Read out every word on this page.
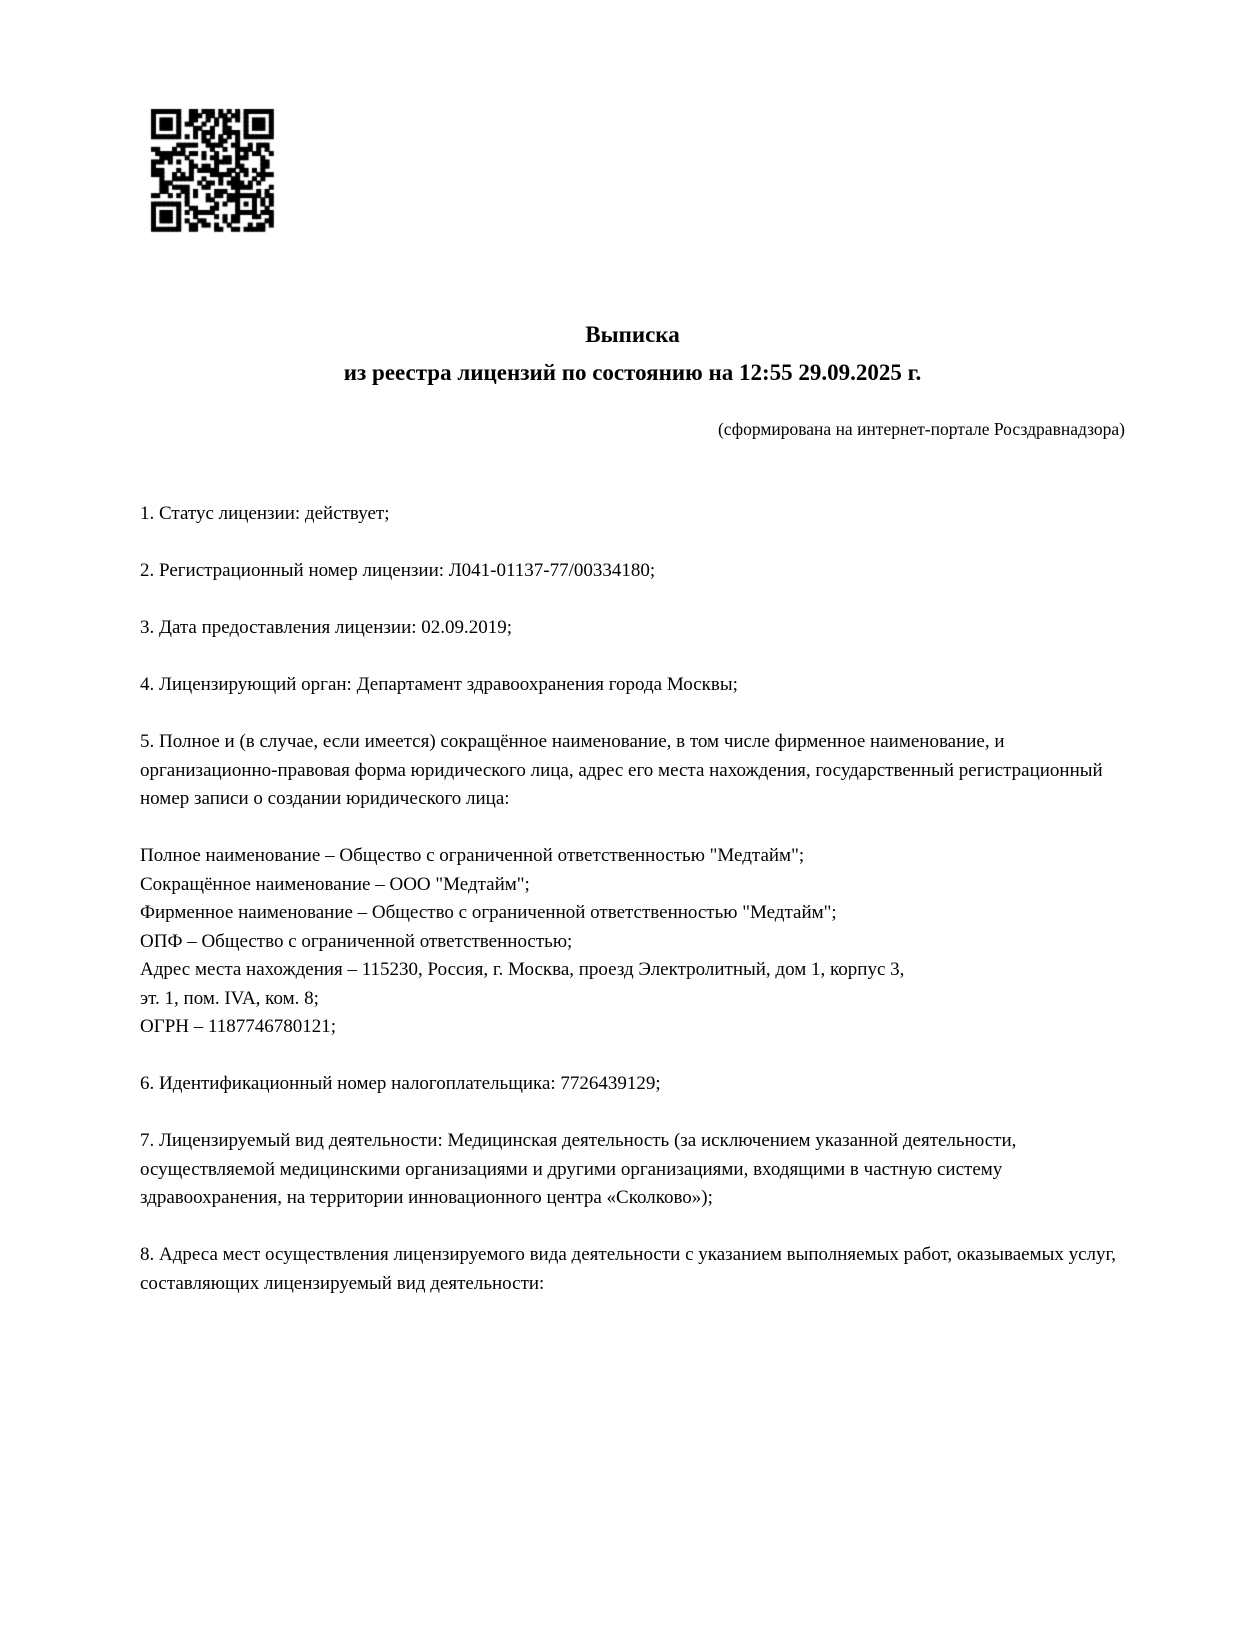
Выписка
из реестра лицензий по состоянию на 12:55 29.09.2025 г.
(сформирована на интернет-портале Росздравнадзора)

1. Статус лицензии: действует;

2. Регистрационный номер лицензии: Л041-01137-77/00334180;

3. Дата предоставления лицензии: 02.09.2019;

4. Лицензирующий орган: Департамент здравоохранения города Москвы;

5. Полное и (в случае, если имеется) сокращённое наименование, в том числе фирменное наименование, и организационно-правовая форма юридического лица, адрес его места нахождения, государственный регистрационный номер записи о создании юридического лица:

Полное наименование – Общество с ограниченной ответственностью "Медтайм";
Сокращённое наименование – ООО "Медтайм";
Фирменное наименование – Общество с ограниченной ответственностью "Медтайм";
ОПФ – Общество с ограниченной ответственностью;
Адрес места нахождения – 115230, Россия, г. Москва, проезд Электролитный, дом 1, корпус 3,
эт. 1, пом. IVA, ком. 8;
ОГРН – 1187746780121;

6. Идентификационный номер налогоплательщика: 7726439129;

7. Лицензируемый вид деятельности: Медицинская деятельность (за исключением указанной деятельности, осуществляемой медицинскими организациями и другими организациями, входящими в частную систему здравоохранения, на территории инновационного центра «Сколково»);

8. Адреса мест осуществления лицензируемого вида деятельности с указанием выполняемых работ, оказываемых услуг, составляющих лицензируемый вид деятельности:
